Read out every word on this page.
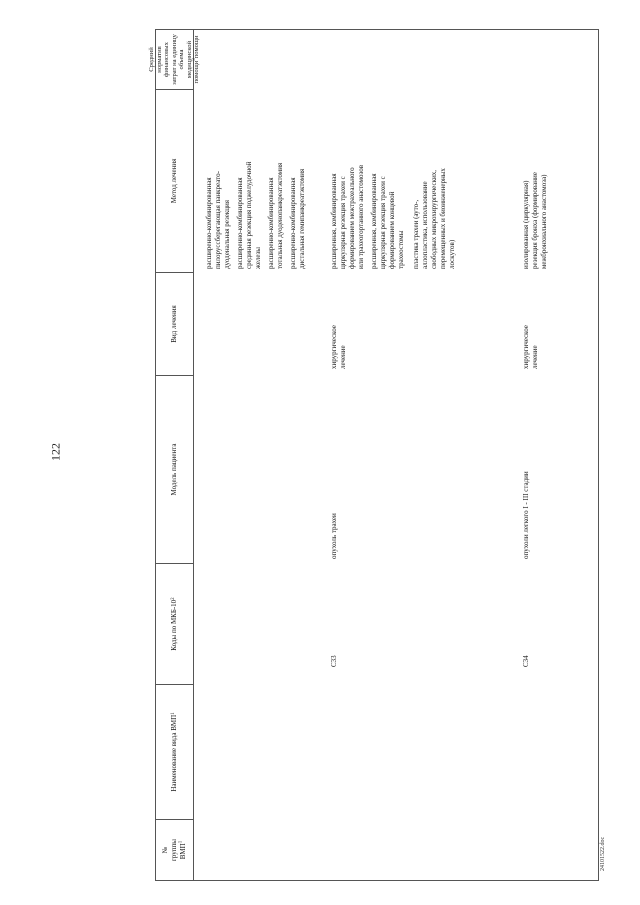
122
24101522.doc
№ группы ВМП$^1$
Наименование вида ВМП
1
Коды по МКБ-10
2
Модель пациента
Вид лечения
Метод лечения
Средний норматив финансовых затрат на единицу объема медицинской помощи$^3$помощи
расширенно-комбинированная пилоруссберегающая панкреато- дуоденальная резекция расширенно-комбинированная срединная резекция поджелудочной железы расширенно-комбинированная тотальная дуоденопанкреатэктомия расширенно-комбинированная дистальная гемипанкреатэктомия
C33
опухоль трахеи
хирургическое лечение
расширенная, комбинированная циркулярная резекция трахеи с формированием межтрахеального или трахеогортанного анастомозов расширенная, комбинированная циркулярная резекция трахеи с формированием концевой трахеостомы пластика трахеи (ауто-, аллопластика, использование свободных микрохирургических, перемещенных и биоинженерных лоскутов)
C34
опухоли легкого I - III стадии
хирургическое лечение
изолированная (циркулярная) резекция бронха (формирование межбронхиального анастомоза)
